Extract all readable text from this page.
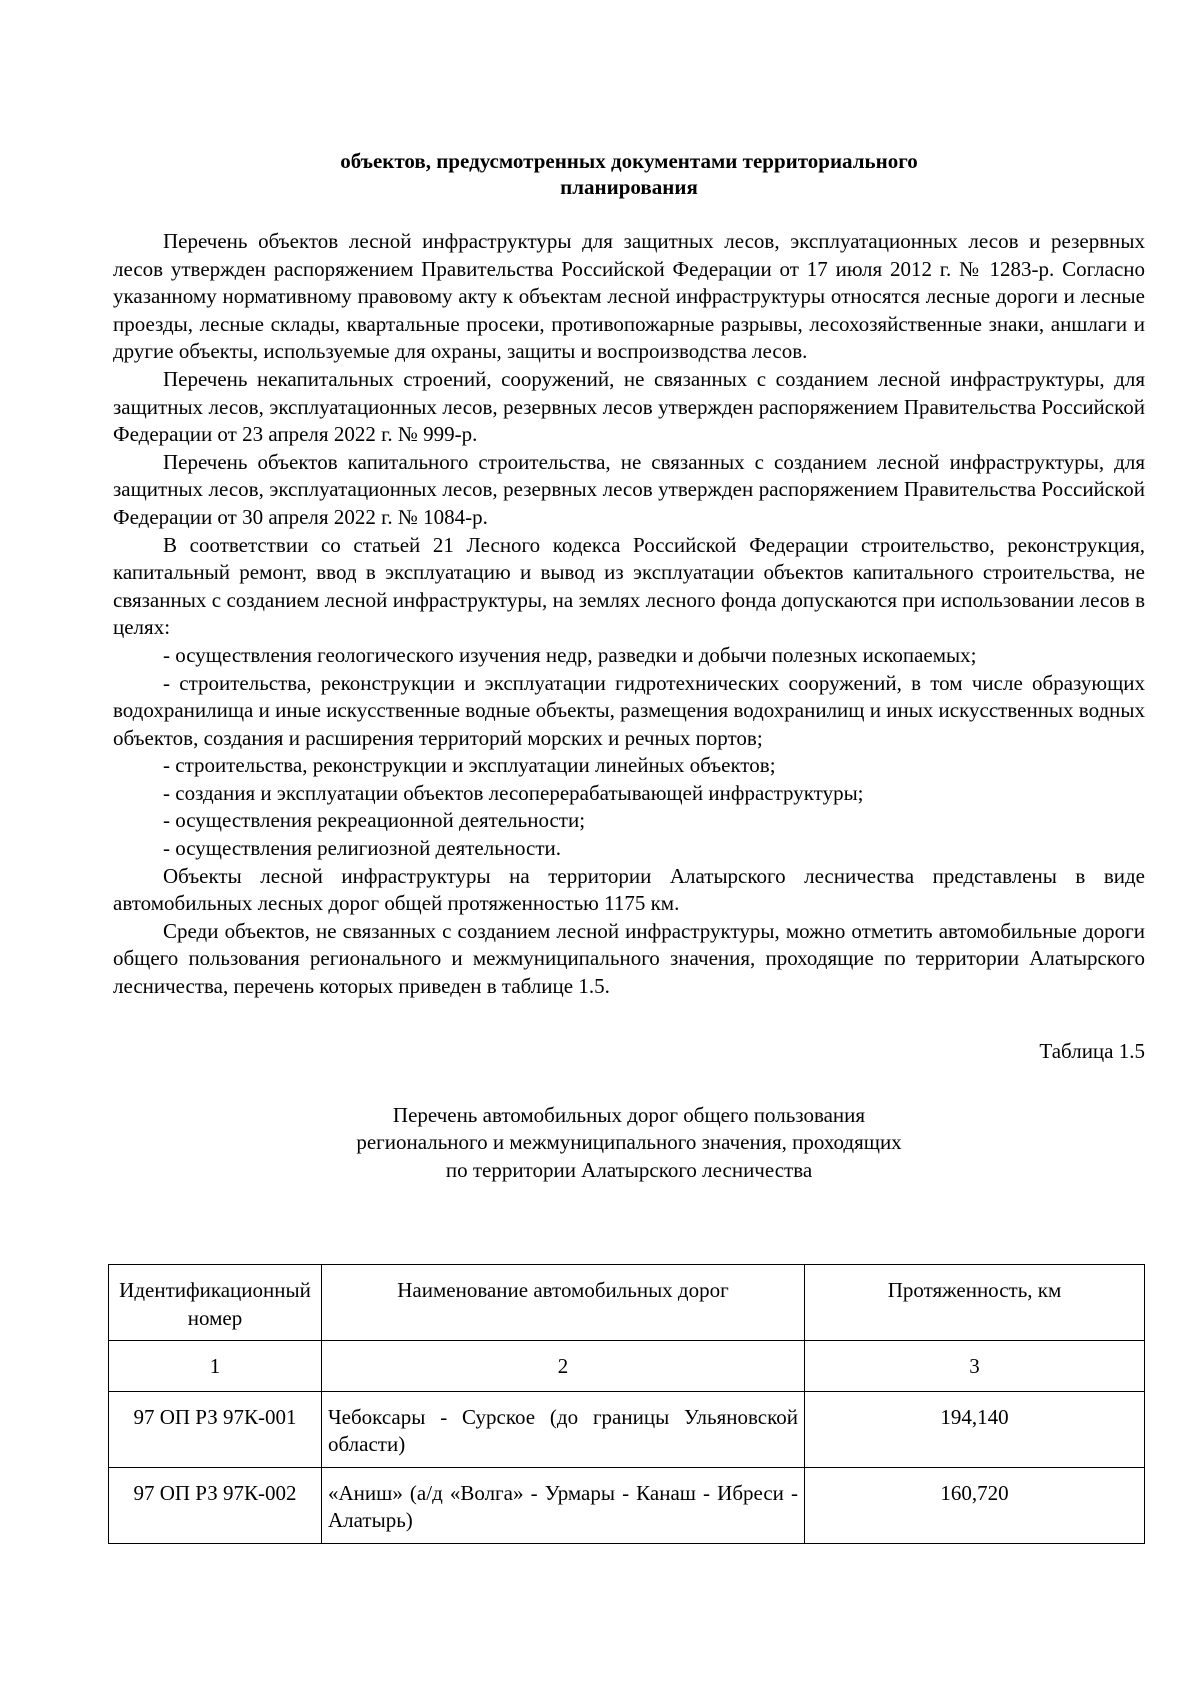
объектов, предусмотренных документами территориального
планирования

Перечень объектов лесной инфраструктуры для защитных лесов, эксплуатационных лесов и резервных лесов утвержден распоряжением Правительства Российской Федерации от 17 июля 2012 г. № 1283-р. Согласно указанному нормативному правовому акту к объектам лесной инфраструктуры относятся лесные дороги и лесные проезды, лесные склады, квартальные просеки, противопожарные разрывы, лесохозяйственные знаки, аншлаги и другие объекты, используемые для охраны, защиты и воспроизводства лесов.

Перечень некапитальных строений, сооружений, не связанных с созданием лесной инфраструктуры, для защитных лесов, эксплуатационных лесов, резервных лесов утвержден распоряжением Правительства Российской Федерации от 23 апреля 2022 г. № 999-р.

Перечень объектов капитального строительства, не связанных с созданием лесной инфраструктуры, для защитных лесов, эксплуатационных лесов, резервных лесов утвержден распоряжением Правительства Российской Федерации от 30 апреля 2022 г. № 1084-р.

В соответствии со статьей 21 Лесного кодекса Российской Федерации строительство, реконструкция, капитальный ремонт, ввод в эксплуатацию и вывод из эксплуатации объектов капитального строительства, не связанных с созданием лесной инфраструктуры, на землях лесного фонда допускаются при использовании лесов в целях:

- осуществления геологического изучения недр, разведки и добычи полезных ископаемых;

- строительства, реконструкции и эксплуатации гидротехнических сооружений, в том числе образующих водохранилища и иные искусственные водные объекты, размещения водохранилищ и иных искусственных водных объектов, создания и расширения территорий морских и речных портов;

- строительства, реконструкции и эксплуатации линейных объектов;

- создания и эксплуатации объектов лесоперерабатывающей инфраструктуры;

- осуществления рекреационной деятельности;

- осуществления религиозной деятельности.

Объекты лесной инфраструктуры на территории Алатырского лесничества представлены в виде автомобильных лесных дорог общей протяженностью 1175 км.

Среди объектов, не связанных с созданием лесной инфраструктуры, можно отметить автомобильные дороги общего пользования регионального и межмуниципального значения, проходящие по территории Алатырского лесничества, перечень которых приведен в таблице 1.5.

Таблица 1.5
Перечень автомобильных дорог общего пользования
регионального и межмуниципального значения, проходящих
по территории Алатырского лесничества
Идентификационный номер	Наименование автомобильных дорог	Протяженность, км
1	2	3
97 ОП РЗ 97К-001	Чебоксары - Сурское (до границы Ульяновской области)	194,140
97 ОП РЗ 97К-002	«Аниш» (а/д «Волга» - Урмары - Канаш - Ибреси - Алатырь)	160,720
